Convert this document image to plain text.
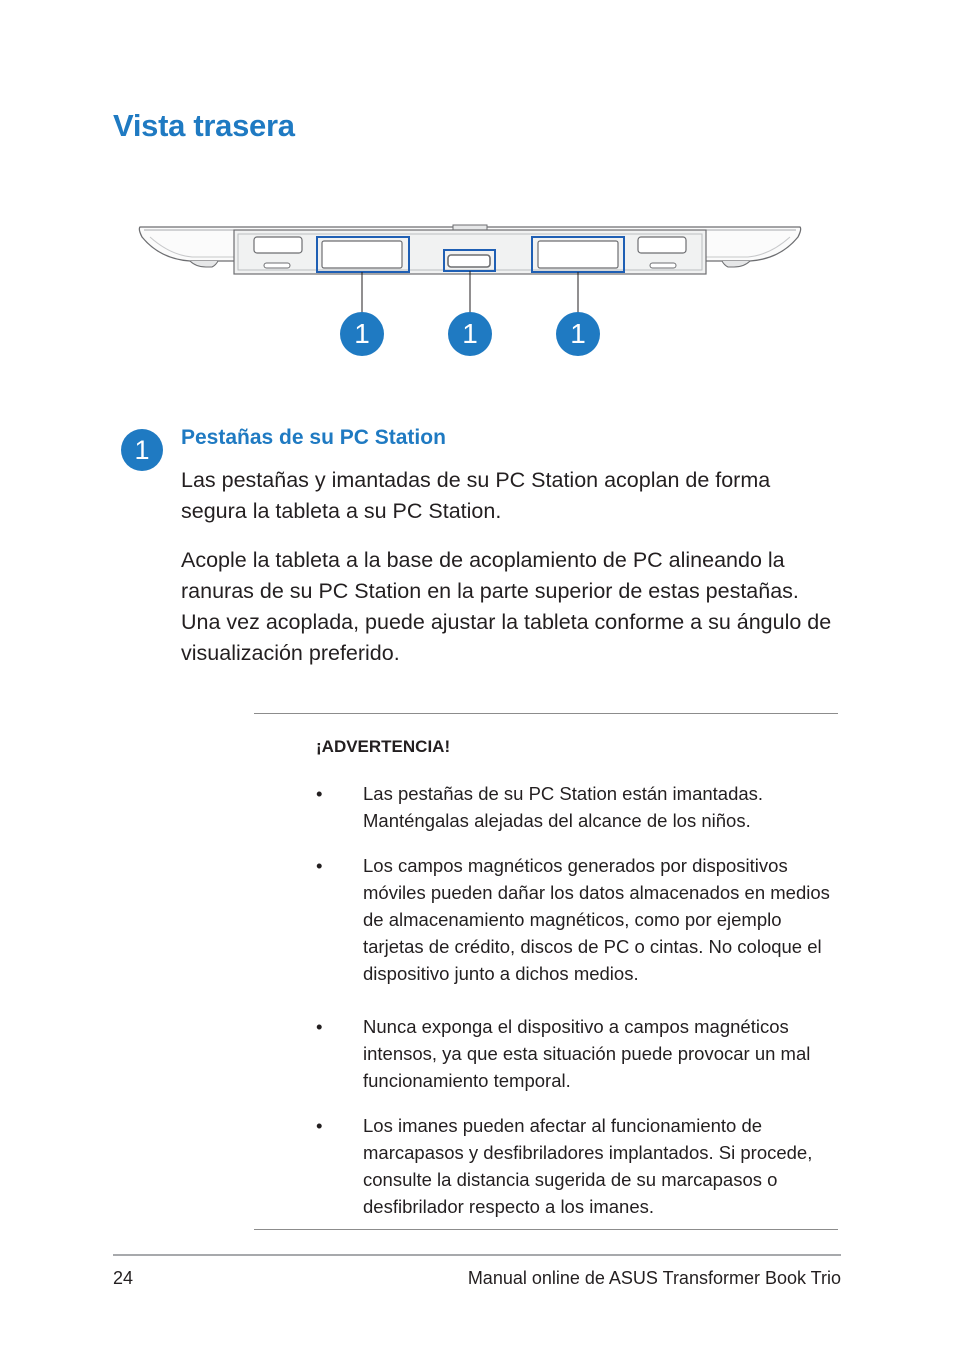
Vista trasera
1	1	1
1	Pestañas de su PC Station

Las pestañas y imantadas de su PC Station acoplan de forma segura la tableta a su PC Station.

Acople la tableta a la base de acoplamiento de PC alineando la ranuras de su PC Station en la parte superior de estas pestañas. Una vez acoplada, puede ajustar la tableta conforme a su ángulo de visualización preferido.

¡ADVERTENCIA!

• Las pestañas de su PC Station están imantadas. Manténgalas alejadas del alcance de los niños.
• Los campos magnéticos generados por dispositivos móviles pueden dañar los datos almacenados en medios de almacenamiento magnéticos, como por ejemplo tarjetas de crédito, discos de PC o cintas. No coloque el dispositivo junto a dichos medios.
• Nunca exponga el dispositivo a campos magnéticos intensos, ya que esta situación puede provocar un mal funcionamiento temporal.
• Los imanes pueden afectar al funcionamiento de marcapasos y desfibriladores implantados. Si procede, consulte la distancia sugerida de su marcapasos o desfibrilador respecto a los imanes.
24	Manual online de ASUS Transformer Book Trio
